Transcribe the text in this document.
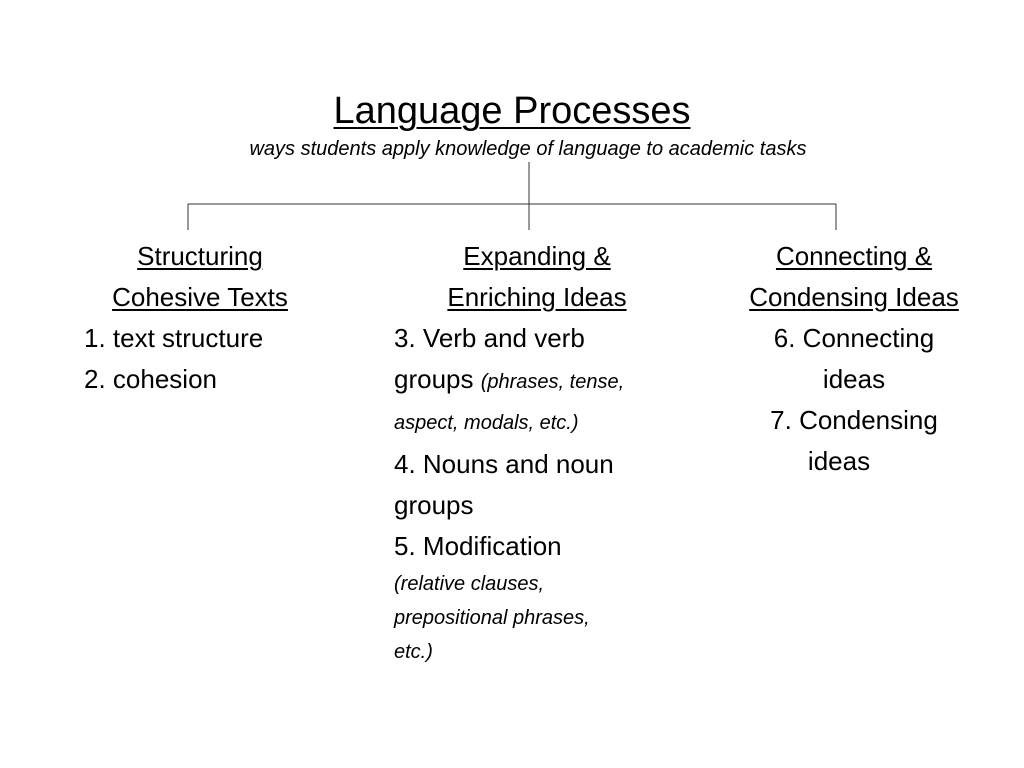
Language Processes
ways students apply knowledge of language to academic tasks
Structuring
Cohesive Texts
1. text structure
2. cohesion
Expanding &
Enriching Ideas
3. Verb and verb
groups (phrases, tense,
aspect, modals, etc.)
4. Nouns and noun
groups
5. Modification
(relative clauses,
prepositional phrases,
etc.)
Connecting &
Condensing Ideas
6. Connecting
ideas
7. Condensing
ideas
